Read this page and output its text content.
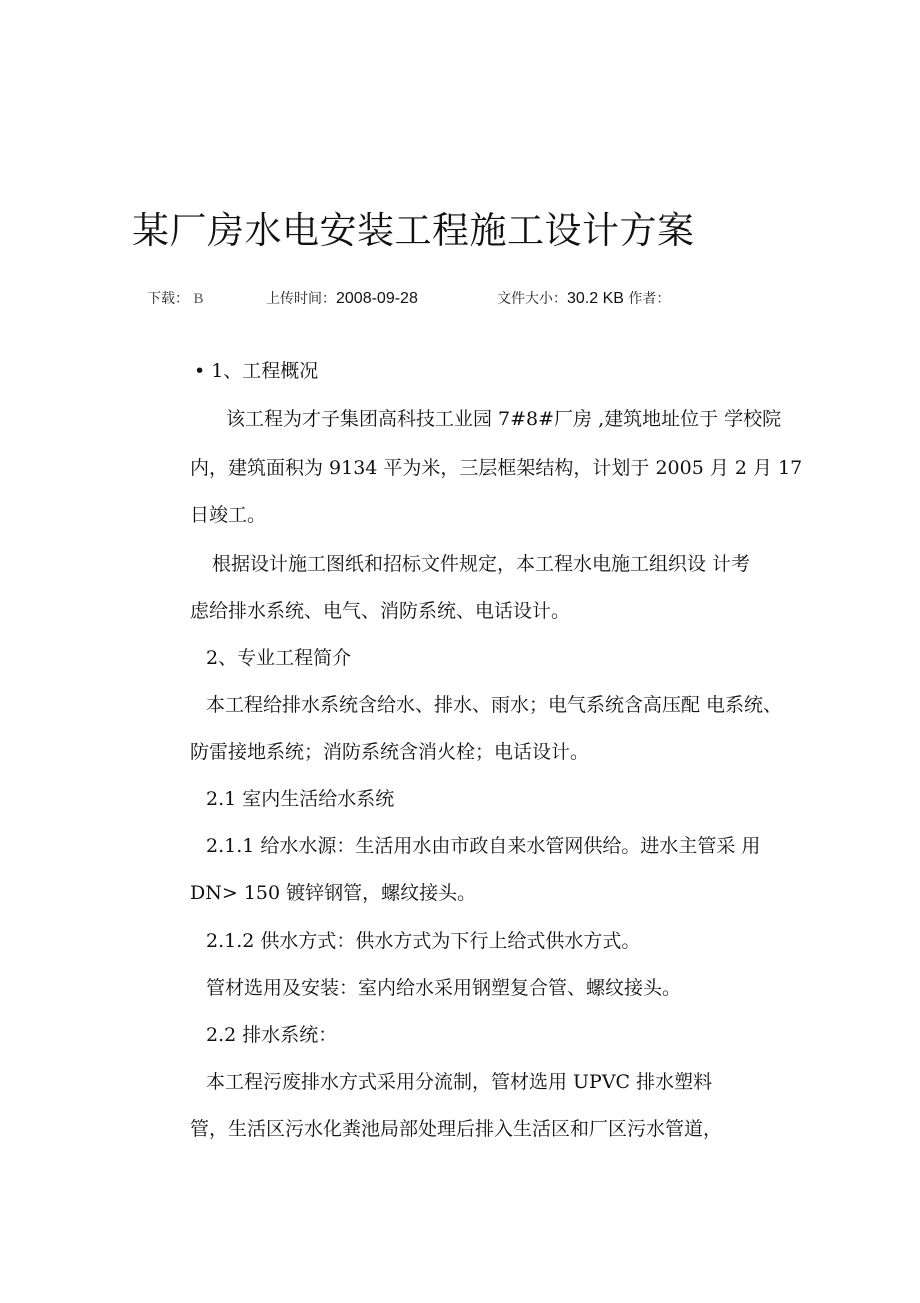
某厂房水电安装工程施工设计方案
下载： B	上传时间：2008-09-28	文件大小：30.2 KB 作者：

• 1、工程概况

该工程为才子集团高科技工业园 7#8#厂房 ,建筑地址位于 学校院

内，建筑面积为 9134 平为米，三层框架结构，计划于 2005 月 2 月 17

日竣工。

根据设计施工图纸和招标文件规定，本工程水电施工组织设 计考

虑给排水系统、电气、消防系统、电话设计。

2、专业工程简介

本工程给排水系统含给水、排水、雨水；电气系统含高压配 电系统、

防雷接地系统；消防系统含消火栓；电话设计。

2.1 室内生活给水系统

2.1.1 给水水源：生活用水由市政自来水管网供给。进水主管采 用

DN> 150 镀锌钢管，螺纹接头。

2.1.2 供水方式：供水方式为下行上给式供水方式。

管材选用及安装：室内给水采用钢塑复合管、螺纹接头。

2.2 排水系统：

本工程污废排水方式采用分流制，管材选用 UPVC 排水塑料

管，生活区污水化粪池局部处理后排入生活区和厂区污水管道，
